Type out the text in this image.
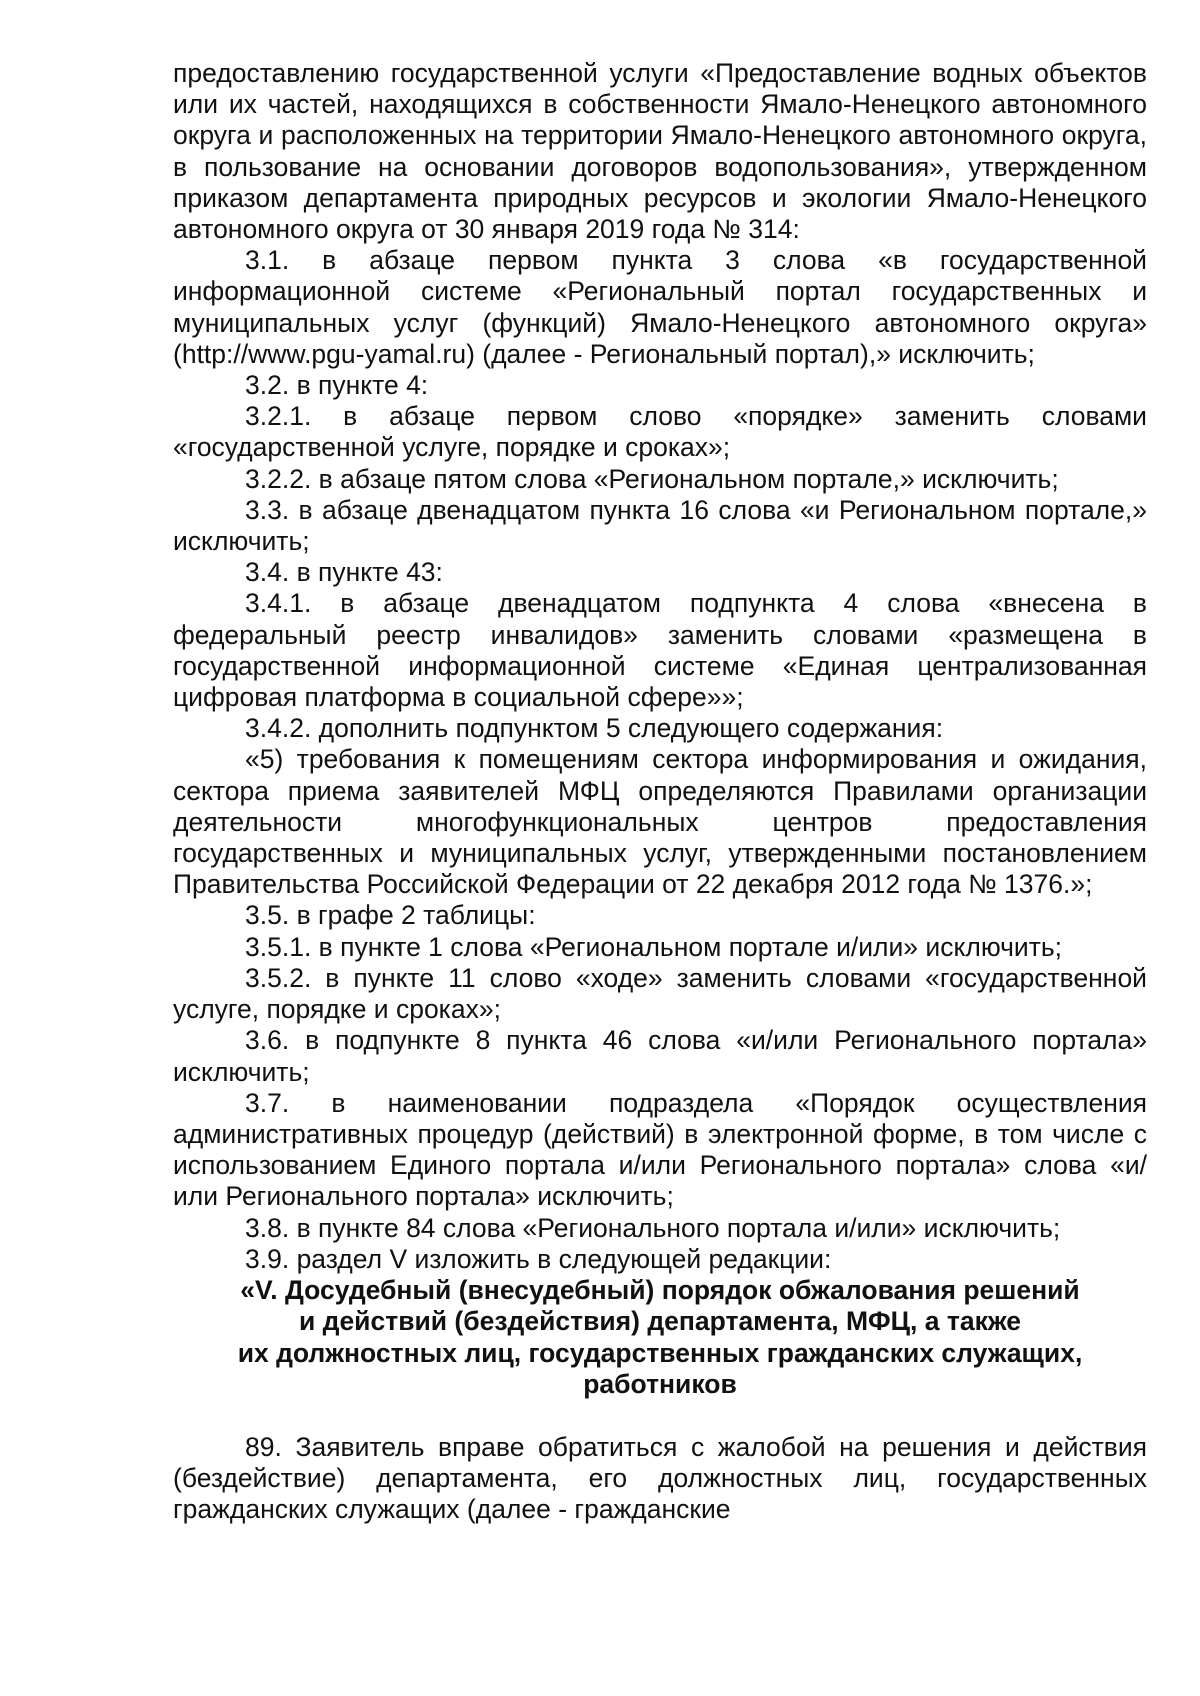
предоставлению государственной услуги «Предоставление водных объектов или их частей, находящихся в собственности Ямало-Ненецкого автономного округа и расположенных на территории Ямало-Ненецкого автономного округа, в пользование на основании договоров водопользования», утвержденном приказом департамента природных ресурсов и экологии Ямало-Ненецкого автономного округа от 30 января 2019 года № 314:

3.1. в абзаце первом пункта 3 слова «в государственной информационной системе «Региональный портал государственных и муниципальных услуг (функций) Ямало-Ненецкого автономного округа» (http://www.pgu-yamal.ru) (далее - Региональный портал),» исключить;

3.2. в пункте 4:

3.2.1. в абзаце первом слово «порядке» заменить словами «государственной услуге, порядке и сроках»;

3.2.2. в абзаце пятом слова «Региональном портале,» исключить;

3.3. в абзаце двенадцатом пункта 16 слова «и Региональном портале,» исключить;

3.4. в пункте 43:

3.4.1. в абзаце двенадцатом подпункта 4 слова «внесена в федеральный реестр инвалидов» заменить словами «размещена в государственной информационной системе «Единая централизованная цифровая платформа в социальной сфере»»;

3.4.2. дополнить подпунктом 5 следующего содержания:

«5) требования к помещениям сектора информирования и ожидания, сектора приема заявителей МФЦ определяются Правилами организации деятельности многофункциональных центров предоставления государственных и муниципальных услуг, утвержденными постановлением Правительства Российской Федерации от 22 декабря 2012 года № 1376.»;

3.5. в графе 2 таблицы:

3.5.1. в пункте 1 слова «Региональном портале и/или» исключить;

3.5.2. в пункте 11 слово «ходе» заменить словами «государственной услуге, порядке и сроках»;

3.6. в подпункте 8 пункта 46 слова «и/или Регионального портала» исключить;

3.7. в наименовании подраздела «Порядок осуществления административных процедур (действий) в электронной форме, в том числе с использованием Единого портала и/или Регионального портала» слова «и/или Регионального портала» исключить;

3.8. в пункте 84 слова «Регионального портала и/или» исключить;

3.9. раздел V изложить в следующей редакции:

«V. Досудебный (внесудебный) порядок обжалования решений
и действий (бездействия) департамента, МФЦ, а также
их должностных лиц, государственных гражданских служащих,
работников

89. Заявитель вправе обратиться с жалобой на решения и действия (бездействие) департамента, его должностных лиц, государственных гражданских служащих (далее - гражданские
